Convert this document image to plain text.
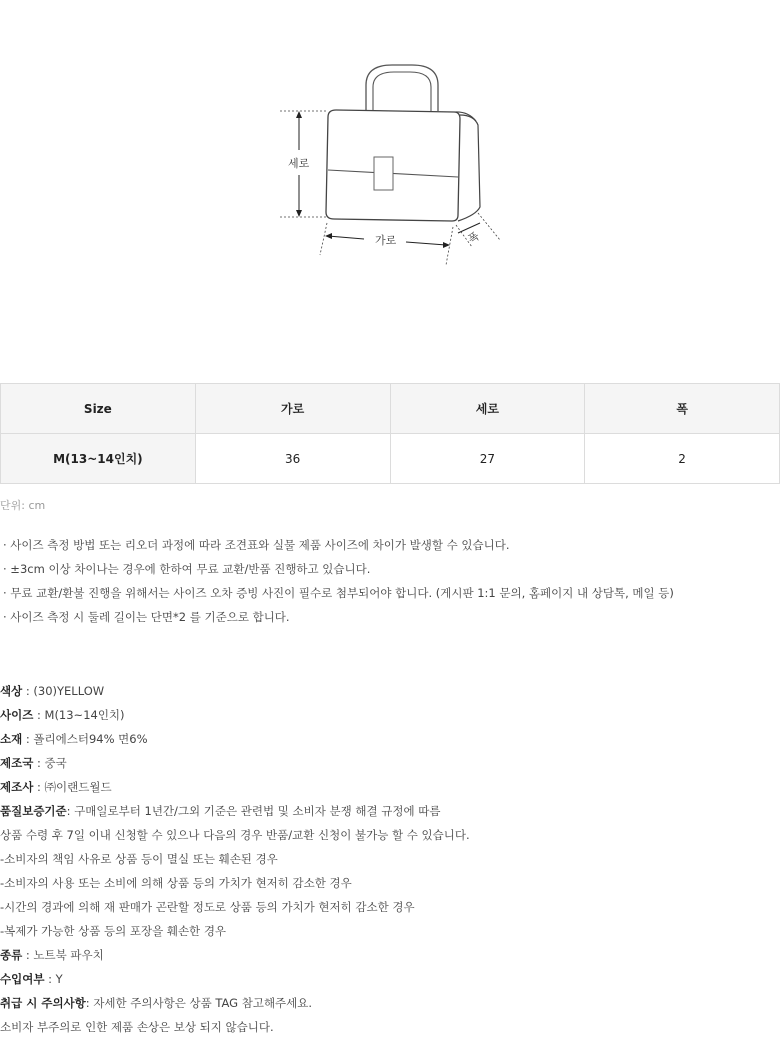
세로
가로	폭
Size	가로	세로	폭
M(13~14인치)	36	27	2
단위: cm
· 사이즈 측정 방법 또는 리오더 과정에 따라 조견표와 실물 제품 사이즈에 차이가 발생할 수 있습니다.
· ±3cm 이상 차이나는 경우에 한하여 무료 교환/반품 진행하고 있습니다.
· 무료 교환/환불 진행을 위해서는 사이즈 오차 증빙 사진이 필수로 첨부되어야 합니다. (게시판 1:1 문의, 홈페이지 내 상담톡, 메일 등)
· 사이즈 측정 시 둘레 길이는 단면*2 를 기준으로 합니다.
색상 : (30)YELLOW
사이즈 : M(13~14인치)
소재 : 폴리에스터94% 면6%
제조국 : 중국
제조사 : ㈜이랜드월드
품질보증기준: 구매일로부터 1년간/그외 기준은 관련법 및 소비자 분쟁 해결 규정에 따름
상품 수령 후 7일 이내 신청할 수 있으나 다음의 경우 반품/교환 신청이 불가능 할 수 있습니다.
-소비자의 책임 사유로 상품 등이 멸실 또는 훼손된 경우
-소비자의 사용 또는 소비에 의해 상품 등의 가치가 현저히 감소한 경우
-시간의 경과에 의해 재 판매가 곤란할 정도로 상품 등의 가치가 현저히 감소한 경우
-복제가 가능한 상품 등의 포장을 훼손한 경우
종류 : 노트북 파우치
수입여부 : Y
취급 시 주의사항: 자세한 주의사항은 상품 TAG 참고해주세요.
소비자 부주의로 인한 제품 손상은 보상 되지 않습니다.
